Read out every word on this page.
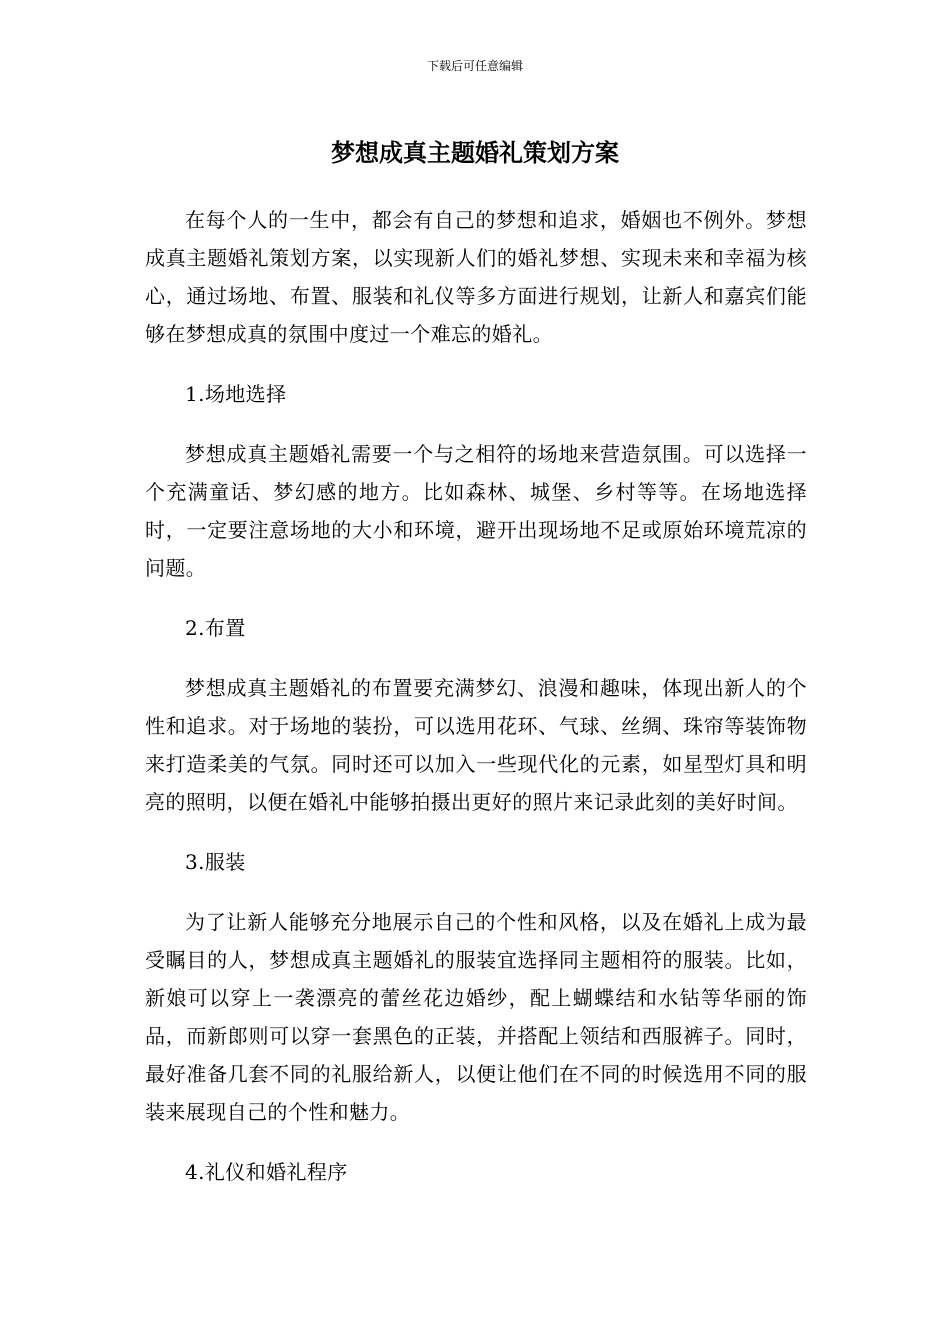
下载后可任意编辑
梦想成真主题婚礼策划方案

在每个人的一生中，都会有自己的梦想和追求，婚姻也不例外。梦想成真主题婚礼策划方案，以实现新人们的婚礼梦想、实现未来和幸福为核心，通过场地、布置、服装和礼仪等多方面进行规划，让新人和嘉宾们能够在梦想成真的氛围中度过一个难忘的婚礼。

1.场地选择

梦想成真主题婚礼需要一个与之相符的场地来营造氛围。可以选择一个充满童话、梦幻感的地方。比如森林、城堡、乡村等等。在场地选择时，一定要注意场地的大小和环境，避开出现场地不足或原始环境荒凉的问题。

2.布置

梦想成真主题婚礼的布置要充满梦幻、浪漫和趣味，体现出新人的个性和追求。对于场地的装扮，可以选用花环、气球、丝绸、珠帘等装饰物来打造柔美的气氛。同时还可以加入一些现代化的元素，如星型灯具和明亮的照明，以便在婚礼中能够拍摄出更好的照片来记录此刻的美好时间。

3.服装

为了让新人能够充分地展示自己的个性和风格，以及在婚礼上成为最受瞩目的人，梦想成真主题婚礼的服装宜选择同主题相符的服装。比如，新娘可以穿上一袭漂亮的蕾丝花边婚纱，配上蝴蝶结和水钻等华丽的饰品，而新郎则可以穿一套黑色的正装，并搭配上领结和西服裤子。同时，最好准备几套不同的礼服给新人，以便让他们在不同的时候选用不同的服装来展现自己的个性和魅力。

4.礼仪和婚礼程序
